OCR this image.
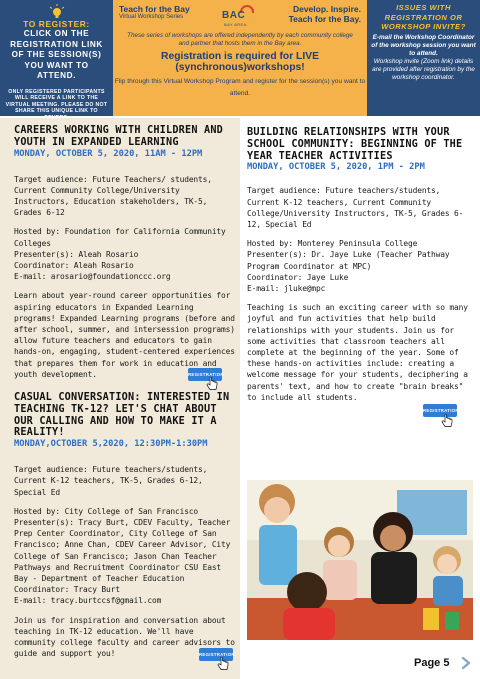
TO REGISTER:
CLICK ON THE REGISTRATION LINK OF THE SESSION(S) YOU WANT TO ATTEND.
ONLY REGISTERED PARTICIPANTS WILL RECEIVE A LINK TO THE VIRTUAL MEETING. PLEASE DO NOT SHARE THIS UNIQUE LINK TO
Teach for the Bay
Virtual Workshop Series	BAC
BAY AREA
Develop. Inspire.
Teach for the Bay.
These series of workshops are offered independently by each community college and partner that hosts them in the Bay area.
Registration is required for LIVE
(synchronous)workshops!
Flip through this Virtual Workshop Program and register for the session(s) you want to attend.
ISSUES WITH REGISTRATION OR WORKSHOP INVITE?
E-mail the Workshop Coordinator of the workshop session you want to attend.
Workshop invite (Zoom link) details are provided after registration by the workshop coordinator.
CAREERS WORKING WITH CHILDREN AND YOUTH IN EXPANDED LEARNING
MONDAY, OCTOBER 5, 2020, 11AM - 12PM
Target audience: Future Teachers/ students, Current Community College/University Instructors, Education stakeholders, TK-5, Grades 6-12
Hosted by: Foundation for California Community Colleges
Presenter(s): Aleah Rosario
Coordinator: Aleah Rosario
E-mail: arosario@foundationccc.org
Learn about year-round career opportunities for aspiring educators in Expanded Learning programs! Expanded Learning programs (before and after school, summer, and intersession programs) allow future teachers and educators to gain hands-on, engaging, student-centered experiences that prepares them for work in education and youth development.	REGISTRATION
CASUAL CONVERSATION: INTERESTED IN TEACHING TK-12? LET'S CHAT ABOUT OUR CALLING AND HOW TO MAKE IT A REALITY!
MONDAY,OCTOBER 5,2020, 12:30PM-1:30PM
Target audience: Future teachers/students, Current K-12 teachers, TK-5, Grades 6-12, Special Ed
Hosted by: City College of San Francisco
Presenter(s): Tracy Burt, CDEV Faculty, Teacher Prep Center Coordinator, City College of San Francisco; Anne Chan, CDEV Career Advisor, City College of San Francisco; Jason Chan Teacher Pathways and Recruitment Coordinator CSU East Bay - Department of Teacher Education
Coordinator: Tracy Burt
E-mail: tracy.burtccsf@gmail.com
Join us for inspiration and conversation about teaching in TK-12 education. We'll have community college faculty and career advisors to guide and support you!	REGISTRATION
BUILDING RELATIONSHIPS WITH YOUR SCHOOL COMMUNITY: BEGINNING OF THE YEAR TEACHER ACTIVITIES
MONDAY, OCTOBER 5, 2020, 1PM - 2PM
Target audience: Future teachers/students, Current K-12 teachers, Current Community College/University Instructors, TK-5, Grades 6-12, Special Ed
Hosted by: Monterey Peninsula College
Presenter(s): Dr. Jaye Luke (Teacher Pathway Program Coordinator at MPC)
Coordinator: Jaye Luke
E-mail: jluke@mpc
Teaching is such an exciting career with so many joyful and fun activities that help build relationships with your students. Join us for some activities that classroom teachers all complete at the beginning of the year. Some of these hands-on activities include: creating a welcome message for your students, deciphering a parents' text, and how to create "brain breaks" to include all students.
REGISTRATION
Page 5
